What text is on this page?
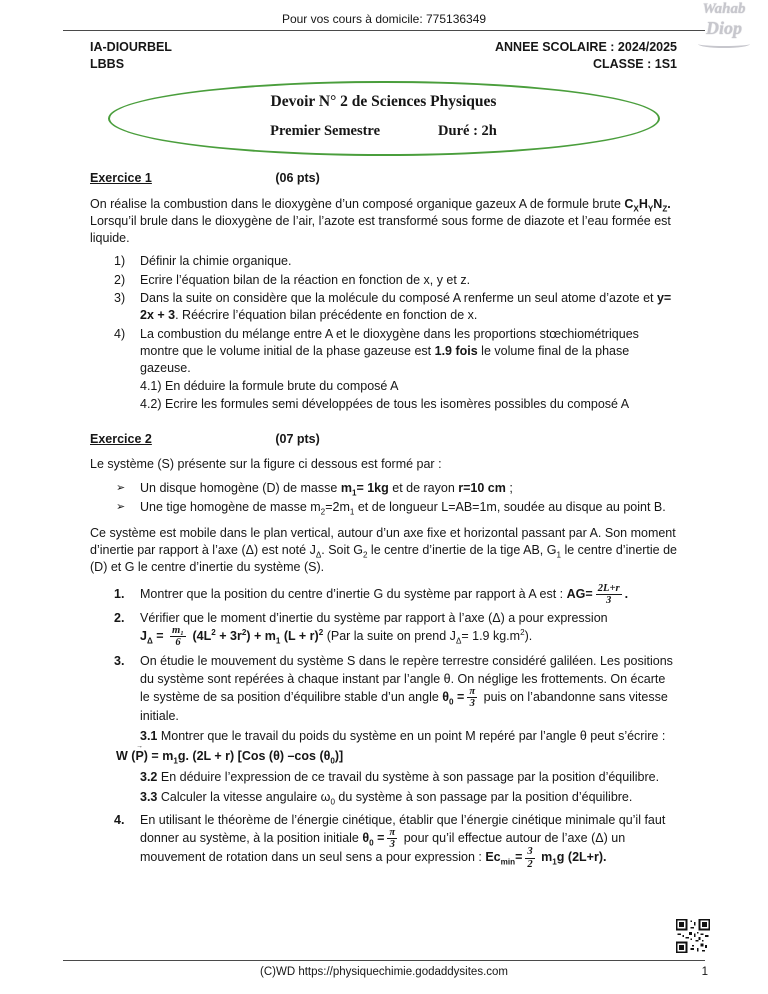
Pour vos cours à domicile: 775136349
Wahab
Diop
IA-DIOURBEL
LBBS
ANNEE SCOLAIRE : 2024/2025
CLASSE : 1S1
Devoir N° 2 de Sciences Physiques
Premier Semestre	Duré : 2h
Exercice 1	(06 pts)

On réalise la combustion dans le dioxygène d’un composé organique gazeux A de formule brute $C_XH_YN_Z$. Lorsqu’il brule dans le dioxygène de l’air, l’azote est transformé sous forme de diazote et l’eau formée est liquide.

1)	Définir la chimie organique.
2)	Ecrire l’équation bilan de la réaction en fonction de x, y et z.
3)	Dans la suite on considère que la molécule du composé A renferme un seul atome d’azote et y= 2x + 3. Réécrire l’équation bilan précédente en fonction de x.
4)	La combustion du mélange entre A et le dioxygène dans les proportions stœchiométriques montre que le volume initial de la phase gazeuse est 1.9 fois le volume final de la phase gazeuse.
4.1) En déduire la formule brute du composé A
4.2) Ecrire les formules semi développées de tous les isomères possibles du composé A
Exercice 2	(07 pts)

Le système (S) présente sur la figure ci dessous est formé par :

➢	Un disque homogène (D) de masse $m_1= 1kg$ et de rayon r=10 cm ;
➢	Une tige homogène de masse $m_2=2m_1$ et de longueur L=AB=1m, soudée au disque au point B.

Ce système est mobile dans le plan vertical, autour d’un axe fixe et horizontal passant par A. Son moment d’inertie par rapport à l’axe (Δ) est noté $J_\Delta$. Soit $G_2$ le centre d’inertie de la tige AB, $G_1$ le centre d’inertie de (D) et G le centre d’inertie du système (S).

1.	Montrer que la position du centre d’inertie G du système par rapport à A est : $AG= \frac{2L+r}{3}$ .
2.	Vérifier que le moment d’inertie du système par rapport à l’axe (Δ) a pour expression
$J_\Delta = \frac{\text{m₁}}{6} (4L^2 + 3r^2) + m_1$ $(L + r)^2$ (Par la suite on prend $J_\Delta= 1.9$ $kg.m^2$).
3.	On étudie le mouvement du système S dans le repère terrestre considéré galiléen. Les positions du système sont repérées à chaque instant par l’angle θ. On néglige les frottements. On écarte le système de sa position d’équilibre stable d’un angle $\theta_0 = \frac{\pi}{3}$ puis on l’abandonne sans vitesse initiale.
3.1 Montrer que le travail du poids du système en un point M repéré par l’angle θ peut s’écrire :
W (P →) = $m_1g$. (2L + r) [Cos (θ) –cos $(\theta_0)$]
3.2 En déduire l’expression de ce travail du système à son passage par la position d’équilibre.
3.3 Calculer la vitesse angulaire $\omega_0$ du système à son passage par la position d’équilibre.
4.	En utilisant le théorème de l’énergie cinétique, établir que l’énergie cinétique minimale qu’il faut donner au système, à la position initiale $\theta_0 = \frac{\pi}{3}$ pour qu’il effectue autour de l’axe (Δ) un mouvement de rotation dans un seul sens a pour expression : $Ec_{min}= \frac{3}{2} m_1g$ (2L+r).
(C)WD https://physiquechimie.godaddysites.com	1
